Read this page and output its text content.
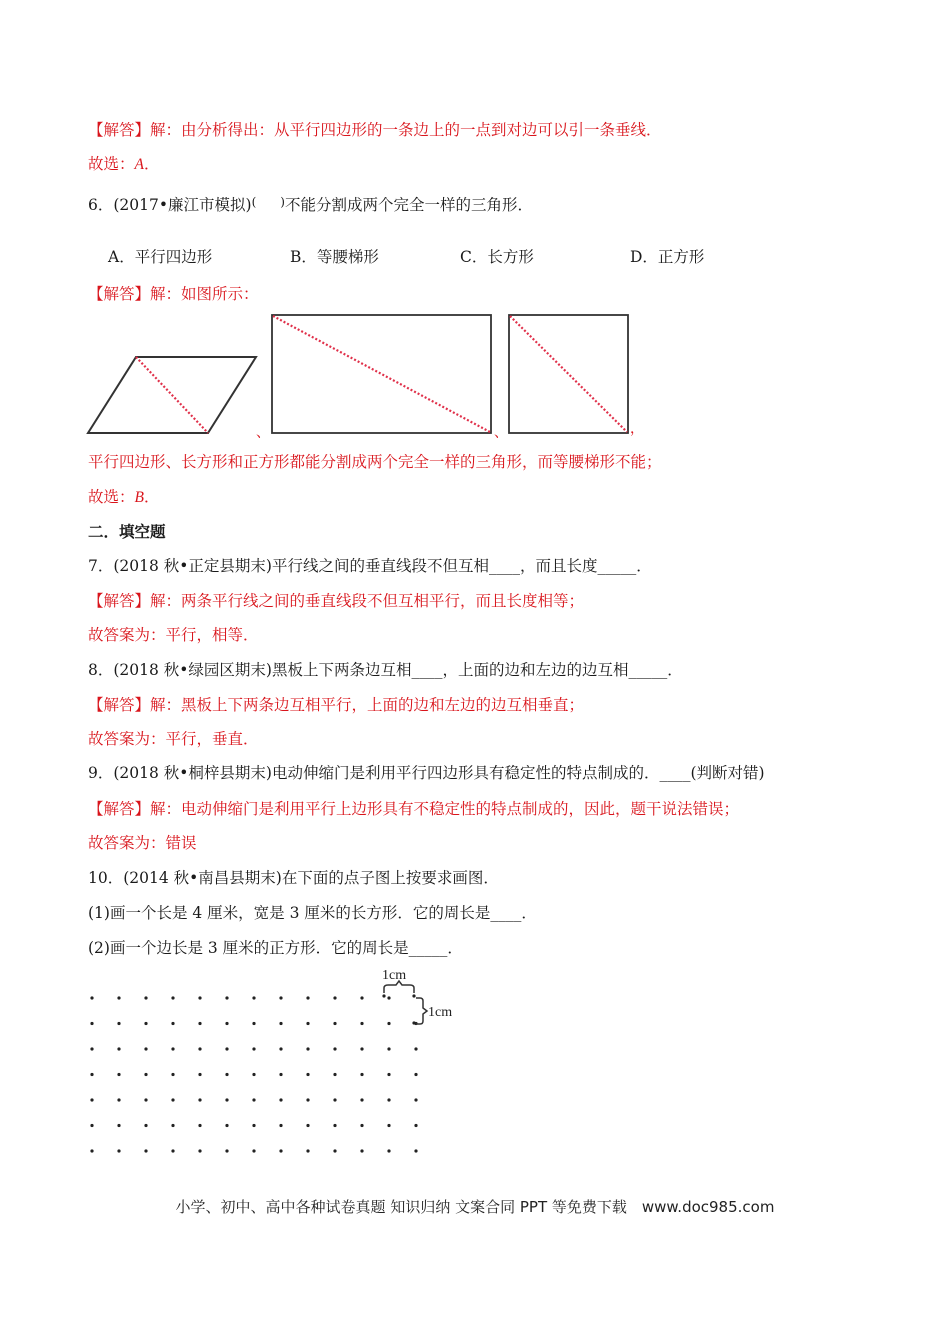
【解答】解：由分析得出：从平行四边形的一条边上的一点到对边可以引一条垂线．
故选：A．
6．(2017•廉江市模拟)(　　)不能分割成两个完全一样的三角形．
A．平行四边形	B．等腰梯形	C．长方形	D．正方形
【解答】解：如图所示：
、	、	，
平行四边形、长方形和正方形都能分割成两个完全一样的三角形，而等腰梯形不能；
故选：B．
二．填空题
7．(2018 秋•正定县期末)平行线之间的垂直线段不但互相____，而且长度_____．
【解答】解：两条平行线之间的垂直线段不但互相平行，而且长度相等；
故答案为：平行，相等．
8．(2018 秋•绿园区期末)黑板上下两条边互相____，上面的边和左边的边互相_____．
【解答】解：黑板上下两条边互相平行，上面的边和左边的边互相垂直；
故答案为：平行，垂直．
9．(2018 秋•桐梓县期末)电动伸缩门是利用平行四边形具有稳定性的特点制成的．____(判断对错)
【解答】解：电动伸缩门是利用平行上边形具有不稳定性的特点制成的，因此，题干说法错误；
故答案为：错误
10．(2014 秋•南昌县期末)在下面的点子图上按要求画图．
(1)画一个长是 4 厘米，宽是 3 厘米的长方形．它的周长是____．
(2)画一个边长是 3 厘米的正方形．它的周长是_____．
1cm
1cm
小学、初中、高中各种试卷真题 知识归纳 文案合同 PPT 等免费下载　www.doc985.com
